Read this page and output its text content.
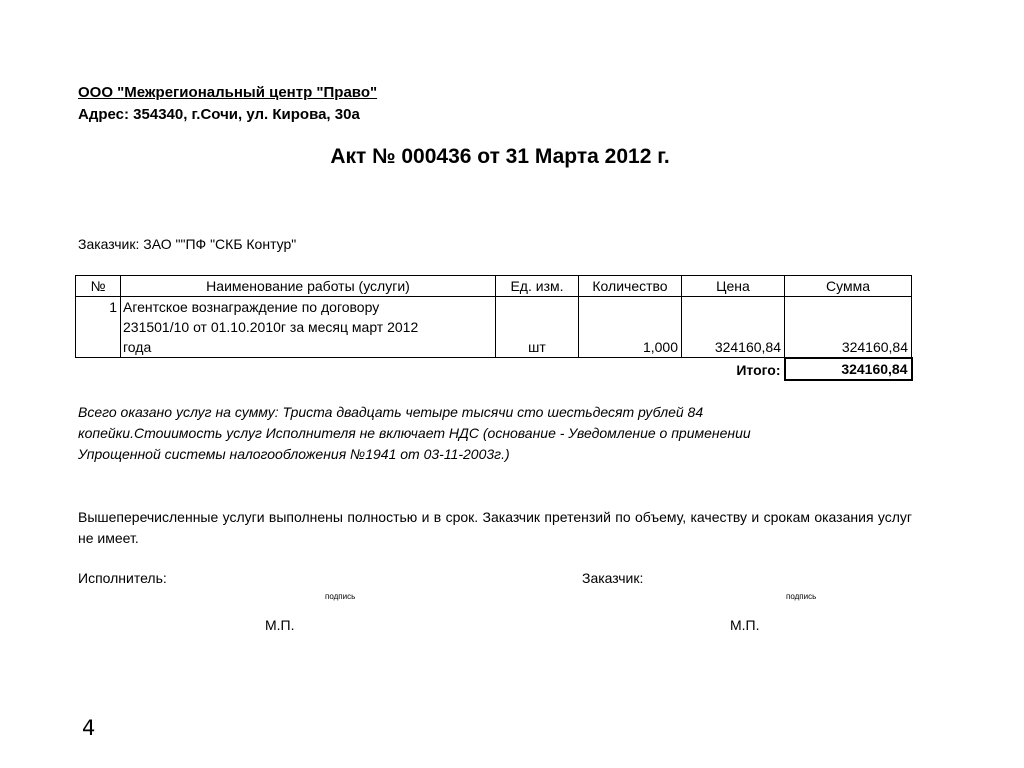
ООО "Межрегиональный центр "Право"
Адрес: 354340, г.Сочи, ул. Кирова, 30а
Акт № 000436 от 31 Марта 2012 г.
Заказчик: ЗАО ""ПФ "СКБ Контур"
№	Наименование работы (услуги)	Ед. изм.	Количество	Цена	Сумма
1	Агентское вознаграждение по договору
231501/10 от 01.10.2010г за месяц март 2012
года	шт	1,000	324160,84	324160,84
				Итого:	324160,84
Всего оказано услуг на сумму: Триста двадцать четыре тысячи сто шестьдесят рублей 84
копейки.Стоиимость услуг Исполнителя не включает НДС (основание - Уведомление о применении
Упрощенной системы налогообложения №1941 от 03-11-2003г.)
Вышеперечисленные услуги выполнены полностью и в срок. Заказчик претензий по объему, качеству и срокам оказания услуг не имеет.
Исполнитель:
подпись
М.П.
Заказчик:
подпись
М.П.
4
